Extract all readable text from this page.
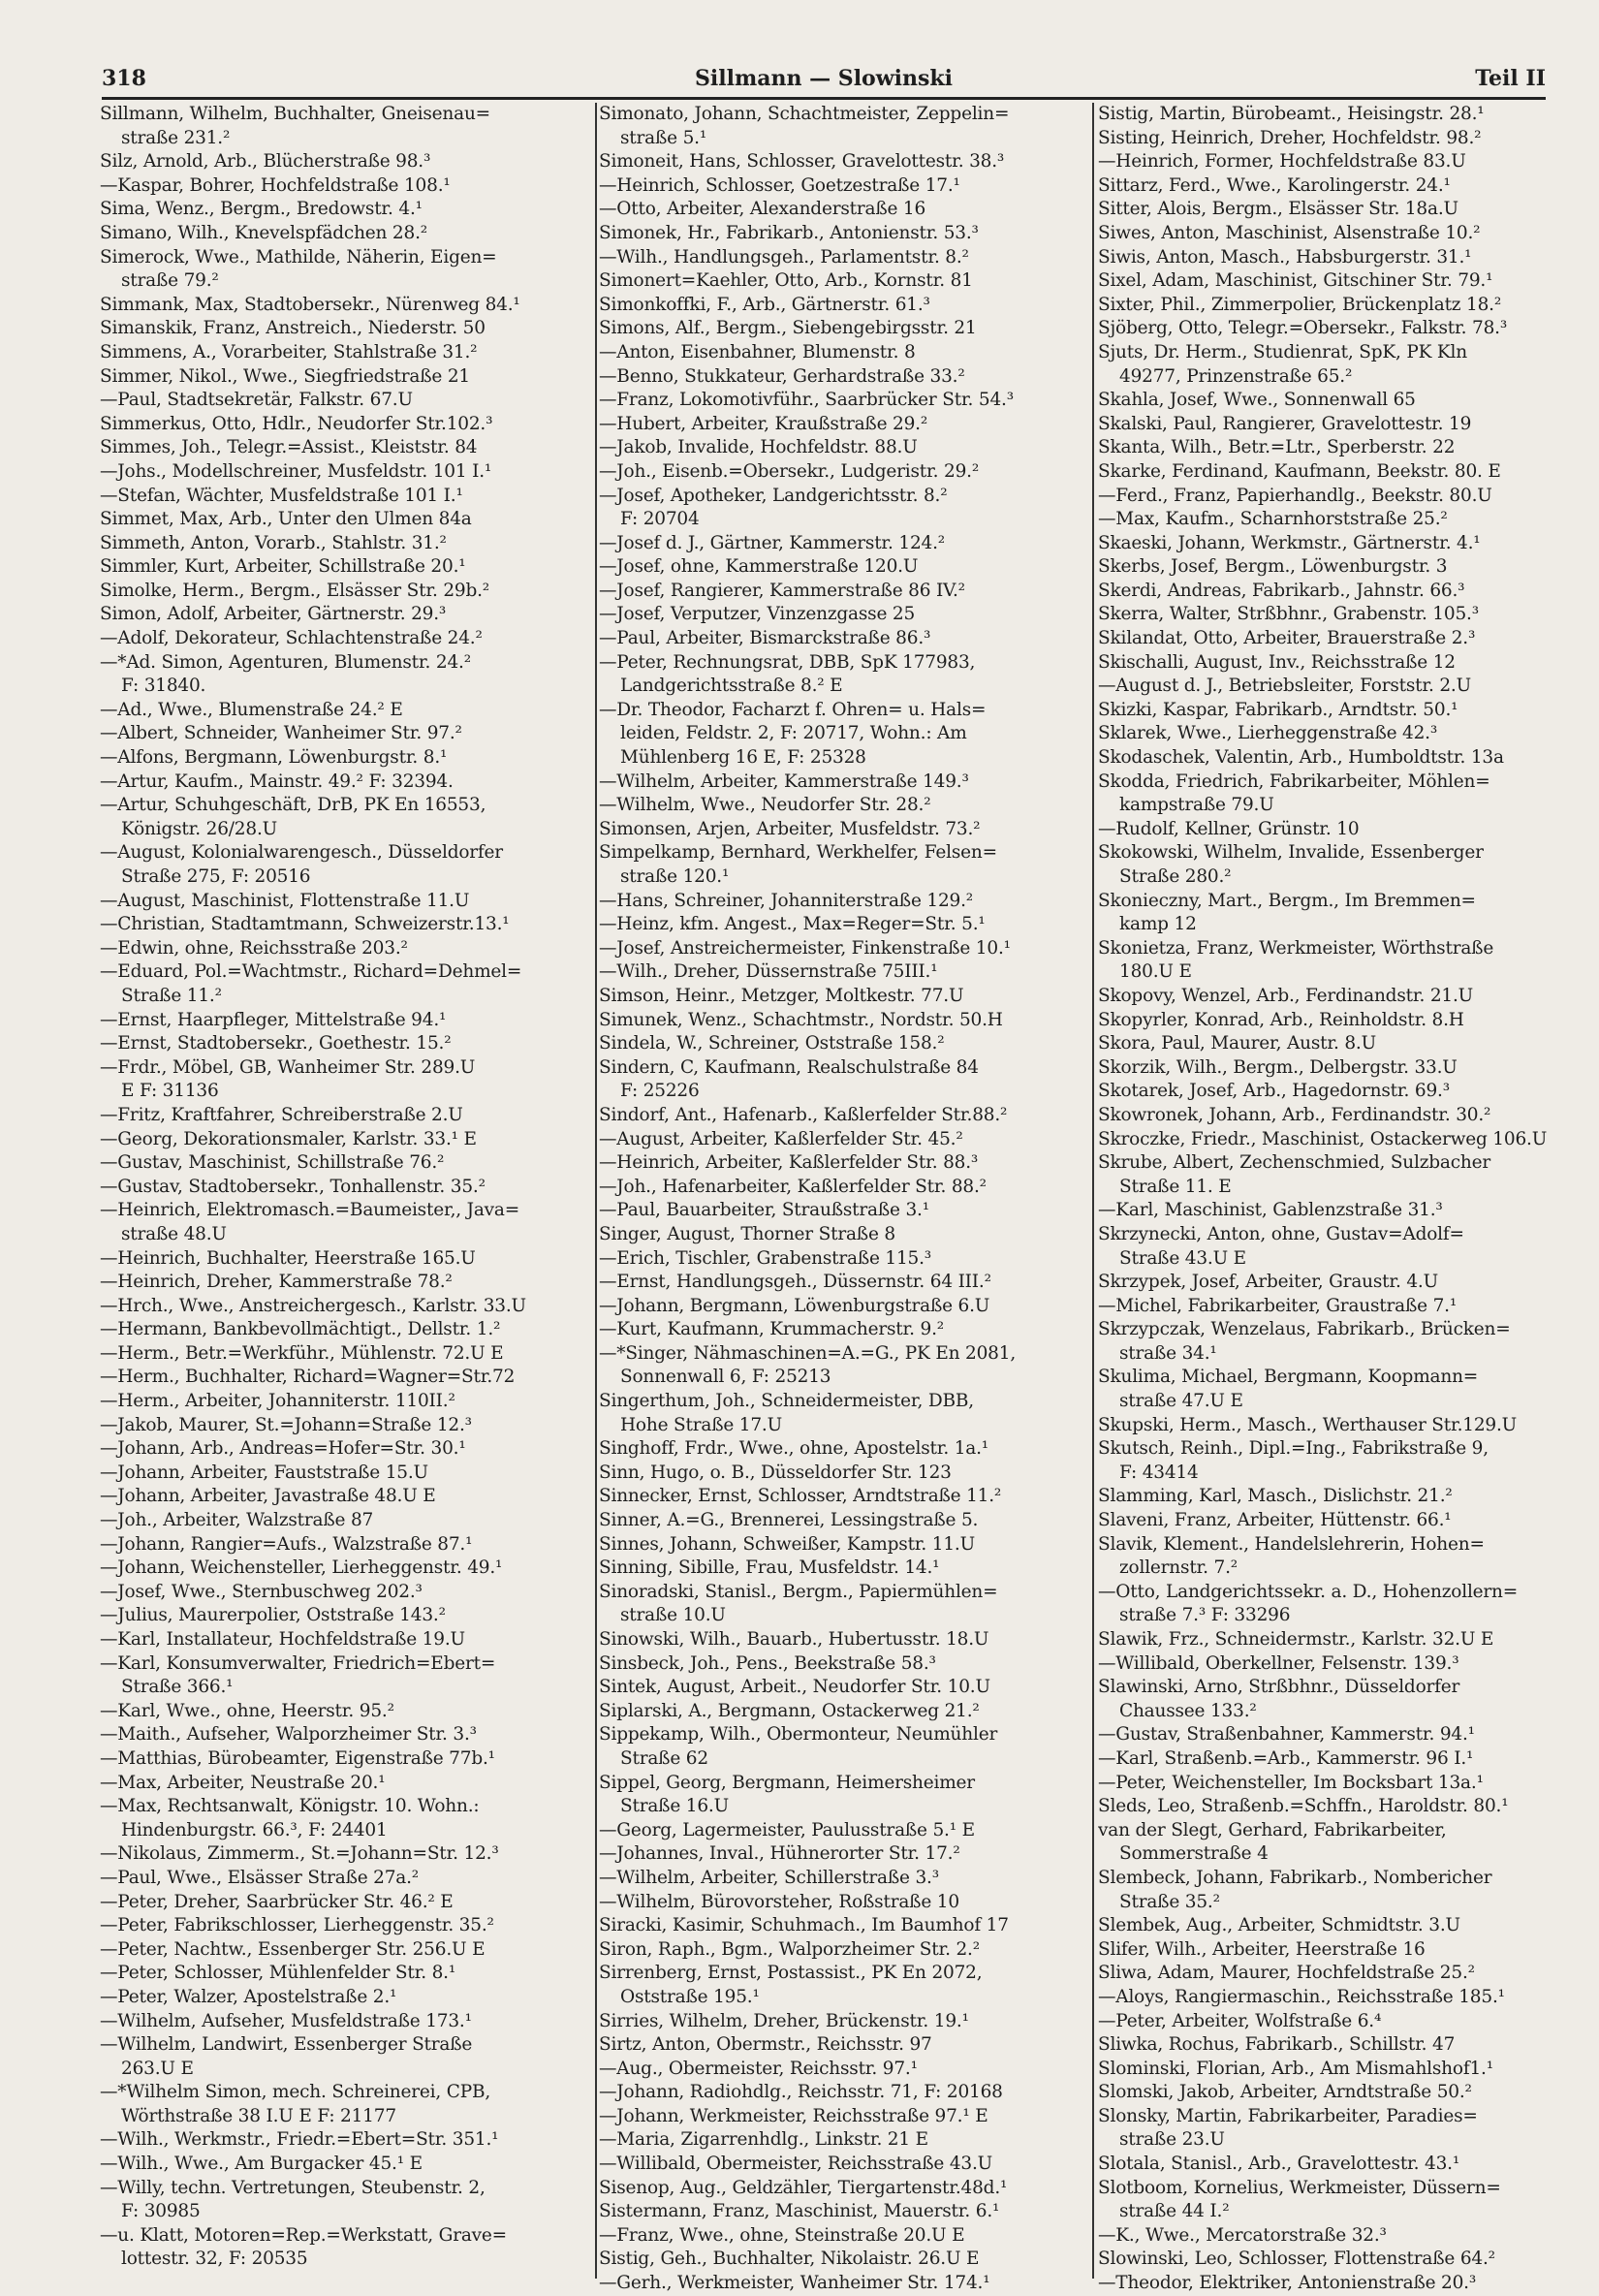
318	Sillmann — Slowinski	Teil II
Sillmann, Wilhelm, Buchhalter, Gneisenau=
straße 231.²
Silz, Arnold, Arb., Blücherstraße 98.³
—Kaspar, Bohrer, Hochfeldstraße 108.¹
Sima, Wenz., Bergm., Bredowstr. 4.¹
Simano, Wilh., Knevelspfädchen 28.²
Simerock, Wwe., Mathilde, Näherin, Eigen=
straße 79.²
Simmank, Max, Stadtobersekr., Nürenweg 84.¹
Simanskik, Franz, Anstreich., Niederstr. 50
Simmens, A., Vorarbeiter, Stahlstraße 31.²
Simmer, Nikol., Wwe., Siegfriedstraße 21
—Paul, Stadtsekretär, Falkstr. 67.U
Simmerkus, Otto, Hdlr., Neudorfer Str.102.³
Simmes, Joh., Telegr.=Assist., Kleiststr. 84
—Johs., Modellschreiner, Musfeldstr. 101 I.¹
—Stefan, Wächter, Musfeldstraße 101 I.¹
Simmet, Max, Arb., Unter den Ulmen 84a
Simmeth, Anton, Vorarb., Stahlstr. 31.²
Simmler, Kurt, Arbeiter, Schillstraße 20.¹
Simolke, Herm., Bergm., Elsässer Str. 29b.²
Simon, Adolf, Arbeiter, Gärtnerstr. 29.³
—Adolf, Dekorateur, Schlachtenstraße 24.²
—*Ad. Simon, Agenturen, Blumenstr. 24.²
F: 31840.
—Ad., Wwe., Blumenstraße 24.² E
—Albert, Schneider, Wanheimer Str. 97.²
—Alfons, Bergmann, Löwenburgstr. 8.¹
—Artur, Kaufm., Mainstr. 49.² F: 32394.
—Artur, Schuhgeschäft, DrB, PK En 16553,
Königstr. 26/28.U
—August, Kolonialwarengesch., Düsseldorfer
Straße 275, F: 20516
—August, Maschinist, Flottenstraße 11.U
—Christian, Stadtamtmann, Schweizerstr.13.¹
—Edwin, ohne, Reichsstraße 203.²
—Eduard, Pol.=Wachtmstr., Richard=Dehmel=
Straße 11.²
—Ernst, Haarpfleger, Mittelstraße 94.¹
—Ernst, Stadtobersekr., Goethestr. 15.²
—Frdr., Möbel, GB, Wanheimer Str. 289.U
E F: 31136
—Fritz, Kraftfahrer, Schreiberstraße 2.U
—Georg, Dekorationsmaler, Karlstr. 33.¹ E
—Gustav, Maschinist, Schillstraße 76.²
—Gustav, Stadtobersekr., Tonhallenstr. 35.²
—Heinrich, Elektromasch.=Baumeister,, Java=
straße 48.U
—Heinrich, Buchhalter, Heerstraße 165.U
—Heinrich, Dreher, Kammerstraße 78.²
—Hrch., Wwe., Anstreichergesch., Karlstr. 33.U
—Hermann, Bankbevollmächtigt., Dellstr. 1.²
—Herm., Betr.=Werkführ., Mühlenstr. 72.U E
—Herm., Buchhalter, Richard=Wagner=Str.72
—Herm., Arbeiter, Johanniterstr. 110II.²
—Jakob, Maurer, St.=Johann=Straße 12.³
—Johann, Arb., Andreas=Hofer=Str. 30.¹
—Johann, Arbeiter, Fauststraße 15.U
—Johann, Arbeiter, Javastraße 48.U E
—Joh., Arbeiter, Walzstraße 87
—Johann, Rangier=Aufs., Walzstraße 87.¹
—Johann, Weichensteller, Lierheggenstr. 49.¹
—Josef, Wwe., Sternbuschweg 202.³
—Julius, Maurerpolier, Oststraße 143.²
—Karl, Installateur, Hochfeldstraße 19.U
—Karl, Konsumverwalter, Friedrich=Ebert=
Straße 366.¹
—Karl, Wwe., ohne, Heerstr. 95.²
—Maith., Aufseher, Walporzheimer Str. 3.³
—Matthias, Bürobeamter, Eigenstraße 77b.¹
—Max, Arbeiter, Neustraße 20.¹
—Max, Rechtsanwalt, Königstr. 10. Wohn.:
Hindenburgstr. 66.³, F: 24401
—Nikolaus, Zimmerm., St.=Johann=Str. 12.³
—Paul, Wwe., Elsässer Straße 27a.²
—Peter, Dreher, Saarbrücker Str. 46.² E
—Peter, Fabrikschlosser, Lierheggenstr. 35.²
—Peter, Nachtw., Essenberger Str. 256.U E
—Peter, Schlosser, Mühlenfelder Str. 8.¹
—Peter, Walzer, Apostelstraße 2.¹
—Wilhelm, Aufseher, Musfeldstraße 173.¹
—Wilhelm, Landwirt, Essenberger Straße
263.U E
—*Wilhelm Simon, mech. Schreinerei, CPB,
Wörthstraße 38 I.U E F: 21177
—Wilh., Werkmstr., Friedr.=Ebert=Str. 351.¹
—Wilh., Wwe., Am Burgacker 45.¹ E
—Willy, techn. Vertretungen, Steubenstr. 2,
F: 30985
—u. Klatt, Motoren=Rep.=Werkstatt, Grave=
lottestr. 32, F: 20535
Simonato, Johann, Schachtmeister, Zeppelin=
straße 5.¹
Simoneit, Hans, Schlosser, Gravelottestr. 38.³
—Heinrich, Schlosser, Goetzestraße 17.¹
—Otto, Arbeiter, Alexanderstraße 16
Simonek, Hr., Fabrikarb., Antonienstr. 53.³
—Wilh., Handlungsgeh., Parlamentstr. 8.²
Simonert=Kaehler, Otto, Arb., Kornstr. 81
Simonkoffki, F., Arb., Gärtnerstr. 61.³
Simons, Alf., Bergm., Siebengebirgsstr. 21
—Anton, Eisenbahner, Blumenstr. 8
—Benno, Stukkateur, Gerhardstraße 33.²
—Franz, Lokomotivführ., Saarbrücker Str. 54.³
—Hubert, Arbeiter, Kraußstraße 29.²
—Jakob, Invalide, Hochfeldstr. 88.U
—Joh., Eisenb.=Obersekr., Ludgeristr. 29.²
—Josef, Apotheker, Landgerichtsstr. 8.²
F: 20704
—Josef d. J., Gärtner, Kammerstr. 124.²
—Josef, ohne, Kammerstraße 120.U
—Josef, Rangierer, Kammerstraße 86 IV.²
—Josef, Verputzer, Vinzenzgasse 25
—Paul, Arbeiter, Bismarckstraße 86.³
—Peter, Rechnungsrat, DBB, SpK 177983,
Landgerichtsstraße 8.² E
—Dr. Theodor, Facharzt f. Ohren= u. Hals=
leiden, Feldstr. 2, F: 20717, Wohn.: Am
Mühlenberg 16 E, F: 25328
—Wilhelm, Arbeiter, Kammerstraße 149.³
—Wilhelm, Wwe., Neudorfer Str. 28.²
Simonsen, Arjen, Arbeiter, Musfeldstr. 73.²
Simpelkamp, Bernhard, Werkhelfer, Felsen=
straße 120.¹
—Hans, Schreiner, Johanniterstraße 129.²
—Heinz, kfm. Angest., Max=Reger=Str. 5.¹
—Josef, Anstreichermeister, Finkenstraße 10.¹
—Wilh., Dreher, Düssernstraße 75III.¹
Simson, Heinr., Metzger, Moltkestr. 77.U
Simunek, Wenz., Schachtmstr., Nordstr. 50.H
Sindela, W., Schreiner, Oststraße 158.²
Sindern, C, Kaufmann, Realschulstraße 84
F: 25226
Sindorf, Ant., Hafenarb., Kaßlerfelder Str.88.²
—August, Arbeiter, Kaßlerfelder Str. 45.²
—Heinrich, Arbeiter, Kaßlerfelder Str. 88.³
—Joh., Hafenarbeiter, Kaßlerfelder Str. 88.²
—Paul, Bauarbeiter, Straußstraße 3.¹
Singer, August, Thorner Straße 8
—Erich, Tischler, Grabenstraße 115.³
—Ernst, Handlungsgeh., Düssernstr. 64 III.²
—Johann, Bergmann, Löwenburgstraße 6.U
—Kurt, Kaufmann, Krummacherstr. 9.²
—*Singer, Nähmaschinen=A.=G., PK En 2081,
Sonnenwall 6, F: 25213
Singerthum, Joh., Schneidermeister, DBB,
Hohe Straße 17.U
Singhoff, Frdr., Wwe., ohne, Apostelstr. 1a.¹
Sinn, Hugo, o. B., Düsseldorfer Str. 123
Sinnecker, Ernst, Schlosser, Arndtstraße 11.²
Sinner, A.=G., Brennerei, Lessingstraße 5.
Sinnes, Johann, Schweißer, Kampstr. 11.U
Sinning, Sibille, Frau, Musfeldstr. 14.¹
Sinoradski, Stanisl., Bergm., Papiermühlen=
straße 10.U
Sinowski, Wilh., Bauarb., Hubertusstr. 18.U
Sinsbeck, Joh., Pens., Beekstraße 58.³
Sintek, August, Arbeit., Neudorfer Str. 10.U
Siplarski, A., Bergmann, Ostackerweg 21.²
Sippekamp, Wilh., Obermonteur, Neumühler
Straße 62
Sippel, Georg, Bergmann, Heimersheimer
Straße 16.U
—Georg, Lagermeister, Paulusstraße 5.¹ E
—Johannes, Inval., Hühnerorter Str. 17.²
—Wilhelm, Arbeiter, Schillerstraße 3.³
—Wilhelm, Bürovorsteher, Roßstraße 10
Siracki, Kasimir, Schuhmach., Im Baumhof 17
Siron, Raph., Bgm., Walporzheimer Str. 2.²
Sirrenberg, Ernst, Postassist., PK En 2072,
Oststraße 195.¹
Sirries, Wilhelm, Dreher, Brückenstr. 19.¹
Sirtz, Anton, Obermstr., Reichsstr. 97
—Aug., Obermeister, Reichsstr. 97.¹
—Johann, Radiohdlg., Reichsstr. 71, F: 20168
—Johann, Werkmeister, Reichsstraße 97.¹ E
—Maria, Zigarrenhdlg., Linkstr. 21 E
—Willibald, Obermeister, Reichsstraße 43.U
Sisenop, Aug., Geldzähler, Tiergartenstr.48d.¹
Sistermann, Franz, Maschinist, Mauerstr. 6.¹
—Franz, Wwe., ohne, Steinstraße 20.U E
Sistig, Geh., Buchhalter, Nikolaistr. 26.U E
—Gerh., Werkmeister, Wanheimer Str. 174.¹
Sistig, Martin, Bürobeamt., Heisingstr. 28.¹
Sisting, Heinrich, Dreher, Hochfeldstr. 98.²
—Heinrich, Former, Hochfeldstraße 83.U
Sittarz, Ferd., Wwe., Karolingerstr. 24.¹
Sitter, Alois, Bergm., Elsässer Str. 18a.U
Siwes, Anton, Maschinist, Alsenstraße 10.²
Siwis, Anton, Masch., Habsburgerstr. 31.¹
Sixel, Adam, Maschinist, Gitschiner Str. 79.¹
Sixter, Phil., Zimmerpolier, Brückenplatz 18.²
Sjöberg, Otto, Telegr.=Obersekr., Falkstr. 78.³
Sjuts, Dr. Herm., Studienrat, SpK, PK Kln
49277, Prinzenstraße 65.²
Skahla, Josef, Wwe., Sonnenwall 65
Skalski, Paul, Rangierer, Gravelottestr. 19
Skanta, Wilh., Betr.=Ltr., Sperberstr. 22
Skarke, Ferdinand, Kaufmann, Beekstr. 80. E
—Ferd., Franz, Papierhandlg., Beekstr. 80.U
—Max, Kaufm., Scharnhorststraße 25.²
Skaeski, Johann, Werkmstr., Gärtnerstr. 4.¹
Skerbs, Josef, Bergm., Löwenburgstr. 3
Skerdi, Andreas, Fabrikarb., Jahnstr. 66.³
Skerra, Walter, Strßbhnr., Grabenstr. 105.³
Skilandat, Otto, Arbeiter, Brauerstraße 2.³
Skischalli, August, Inv., Reichsstraße 12
—August d. J., Betriebsleiter, Forststr. 2.U
Skizki, Kaspar, Fabrikarb., Arndtstr. 50.¹
Sklarek, Wwe., Lierheggenstraße 42.³
Skodaschek, Valentin, Arb., Humboldtstr. 13a
Skodda, Friedrich, Fabrikarbeiter, Möhlen=
kampstraße 79.U
—Rudolf, Kellner, Grünstr. 10
Skokowski, Wilhelm, Invalide, Essenberger
Straße 280.²
Skonieczny, Mart., Bergm., Im Bremmen=
kamp 12
Skonietza, Franz, Werkmeister, Wörthstraße
180.U E
Skopovy, Wenzel, Arb., Ferdinandstr. 21.U
Skopyrler, Konrad, Arb., Reinholdstr. 8.H
Skora, Paul, Maurer, Austr. 8.U
Skorzik, Wilh., Bergm., Delbergstr. 33.U
Skotarek, Josef, Arb., Hagedornstr. 69.³
Skowronek, Johann, Arb., Ferdinandstr. 30.²
Skroczke, Friedr., Maschinist, Ostackerweg 106.U
Skrube, Albert, Zechenschmied, Sulzbacher
Straße 11. E
—Karl, Maschinist, Gablenzstraße 31.³
Skrzynecki, Anton, ohne, Gustav=Adolf=
Straße 43.U E
Skrzypek, Josef, Arbeiter, Graustr. 4.U
—Michel, Fabrikarbeiter, Graustraße 7.¹
Skrzypczak, Wenzelaus, Fabrikarb., Brücken=
straße 34.¹
Skulima, Michael, Bergmann, Koopmann=
straße 47.U E
Skupski, Herm., Masch., Werthauser Str.129.U
Skutsch, Reinh., Dipl.=Ing., Fabrikstraße 9,
F: 43414
Slamming, Karl, Masch., Dislichstr. 21.²
Slaveni, Franz, Arbeiter, Hüttenstr. 66.¹
Slavik, Klement., Handelslehrerin, Hohen=
zollernstr. 7.²
—Otto, Landgerichtssekr. a. D., Hohenzollern=
straße 7.³ F: 33296
Slawik, Frz., Schneidermstr., Karlstr. 32.U E
—Willibald, Oberkellner, Felsenstr. 139.³
Slawinski, Arno, Strßbhnr., Düsseldorfer
Chaussee 133.²
—Gustav, Straßenbahner, Kammerstr. 94.¹
—Karl, Straßenb.=Arb., Kammerstr. 96 I.¹
—Peter, Weichensteller, Im Bocksbart 13a.¹
Sleds, Leo, Straßenb.=Schffn., Haroldstr. 80.¹
van der Slegt, Gerhard, Fabrikarbeiter,
Sommerstraße 4
Slembeck, Johann, Fabrikarb., Nombericher
Straße 35.²
Slembek, Aug., Arbeiter, Schmidtstr. 3.U
Slifer, Wilh., Arbeiter, Heerstraße 16
Sliwa, Adam, Maurer, Hochfeldstraße 25.²
—Aloys, Rangiermaschin., Reichsstraße 185.¹
—Peter, Arbeiter, Wolfstraße 6.⁴
Sliwka, Rochus, Fabrikarb., Schillstr. 47
Slominski, Florian, Arb., Am Mismahlshof1.¹
Slomski, Jakob, Arbeiter, Arndtstraße 50.²
Slonsky, Martin, Fabrikarbeiter, Paradies=
straße 23.U
Slotala, Stanisl., Arb., Gravelottestr. 43.¹
Slotboom, Kornelius, Werkmeister, Düssern=
straße 44 I.²
—K., Wwe., Mercatorstraße 32.³
Slowinski, Leo, Schlosser, Flottenstraße 64.²
—Theodor, Elektriker, Antonienstraße 20.³
